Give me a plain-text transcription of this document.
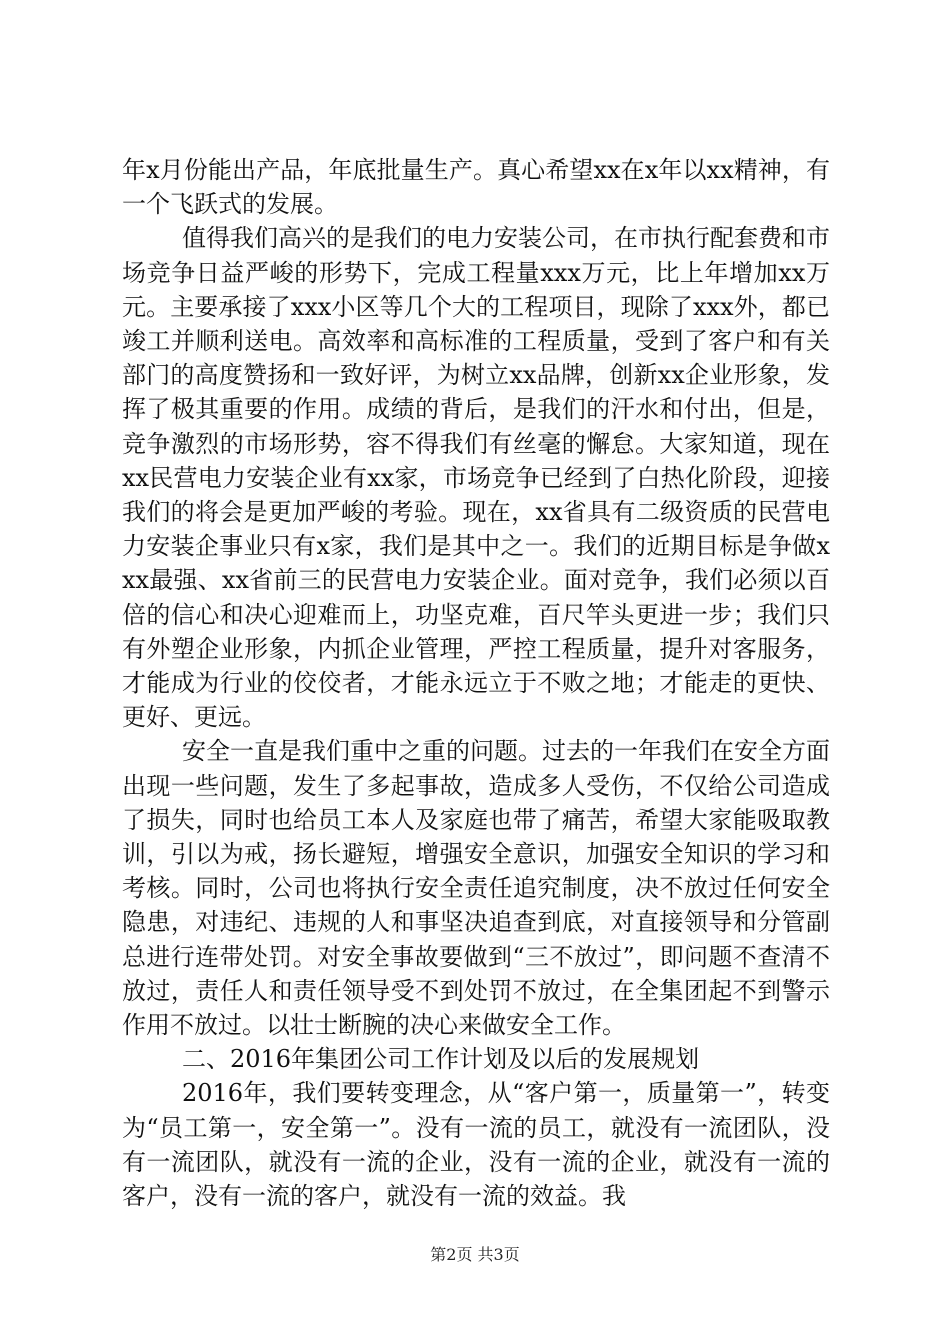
年x月份能出产品，年底批量生产。真心希望xx在x年以xx精神，有一个飞跃式的发展。

值得我们高兴的是我们的电力安装公司，在市执行配套费和市场竞争日益严峻的形势下，完成工程量xxx万元，比上年增加xx万元。主要承接了xxx小区等几个大的工程项目，现除了xxx外，都已竣工并顺利送电。高效率和高标准的工程质量，受到了客户和有关部门的高度赞扬和一致好评，为树立xx品牌，创新xx企业形象，发挥了极其重要的作用。成绩的背后，是我们的汗水和付出，但是，竞争激烈的市场形势，容不得我们有丝毫的懈怠。大家知道，现在xx民营电力安装企业有xx家，市场竞争已经到了白热化阶段，迎接我们的将会是更加严峻的考验。现在，xx省具有二级资质的民营电力安装企事业只有x家，我们是其中之一。我们的近期目标是争做xxx最强、xx省前三的民营电力安装企业。面对竞争，我们必须以百倍的信心和决心迎难而上，功坚克难，百尺竿头更进一步；我们只有外塑企业形象，内抓企业管理，严控工程质量，提升对客服务，才能成为行业的佼佼者，才能永远立于不败之地；才能走的更快、更好、更远。

安全一直是我们重中之重的问题。过去的一年我们在安全方面出现一些问题，发生了多起事故，造成多人受伤，不仅给公司造成了损失，同时也给员工本人及家庭也带了痛苦，希望大家能吸取教训，引以为戒，扬长避短，增强安全意识，加强安全知识的学习和考核。同时，公司也将执行安全责任追究制度，决不放过任何安全隐患，对违纪、违规的人和事坚决追查到底，对直接领导和分管副总进行连带处罚。对安全事故要做到“三不放过”，即问题不查清不放过，责任人和责任领导受不到处罚不放过，在全集团起不到警示作用不放过。以壮士断腕的决心来做安全工作。

二、2016年集团公司工作计划及以后的发展规划

2016年，我们要转变理念，从“客户第一，质量第一”，转变为“员工第一，安全第一”。没有一流的员工，就没有一流团队，没有一流团队，就没有一流的企业，没有一流的企业，就没有一流的客户，没有一流的客户，就没有一流的效益。我

第2页 共3页
